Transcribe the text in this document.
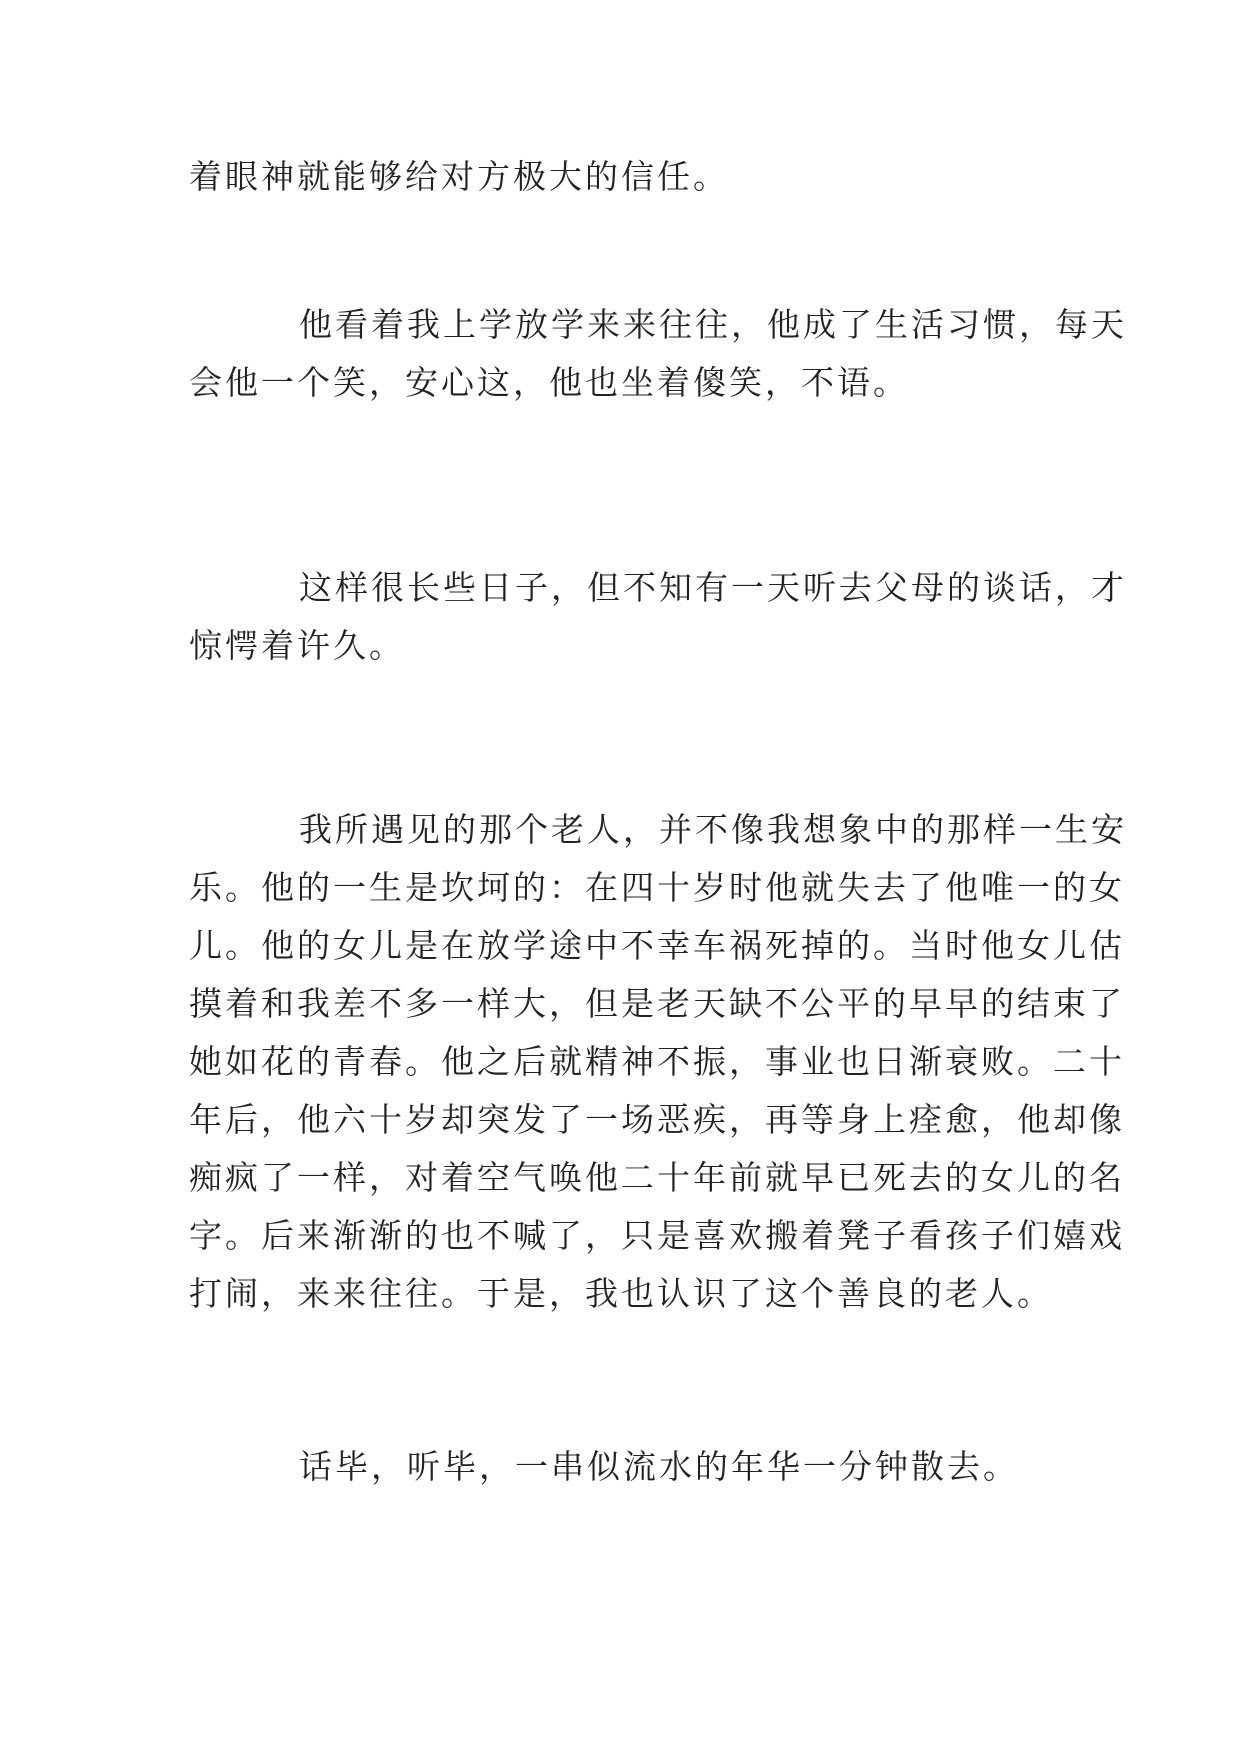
着眼神就能够给对方极大的信任。

他看着我上学放学来来往往，他成了生活习惯，每天
会他一个笑，安心这，他也坐着傻笑，不语。

这样很长些日子，但不知有一天听去父母的谈话，才
惊愕着许久。

我所遇见的那个老人，并不像我想象中的那样一生安
乐。他的一生是坎坷的：在四十岁时他就失去了他唯一的女
儿。他的女儿是在放学途中不幸车祸死掉的。当时他女儿估
摸着和我差不多一样大，但是老天缺不公平的早早的结束了
她如花的青春。他之后就精神不振，事业也日渐衰败。二十
年后，他六十岁却突发了一场恶疾，再等身上痊愈，他却像
痴疯了一样，对着空气唤他二十年前就早已死去的女儿的名
字。后来渐渐的也不喊了，只是喜欢搬着凳子看孩子们嬉戏
打闹，来来往往。于是，我也认识了这个善良的老人。

话毕，听毕，一串似流水的年华一分钟散去。
